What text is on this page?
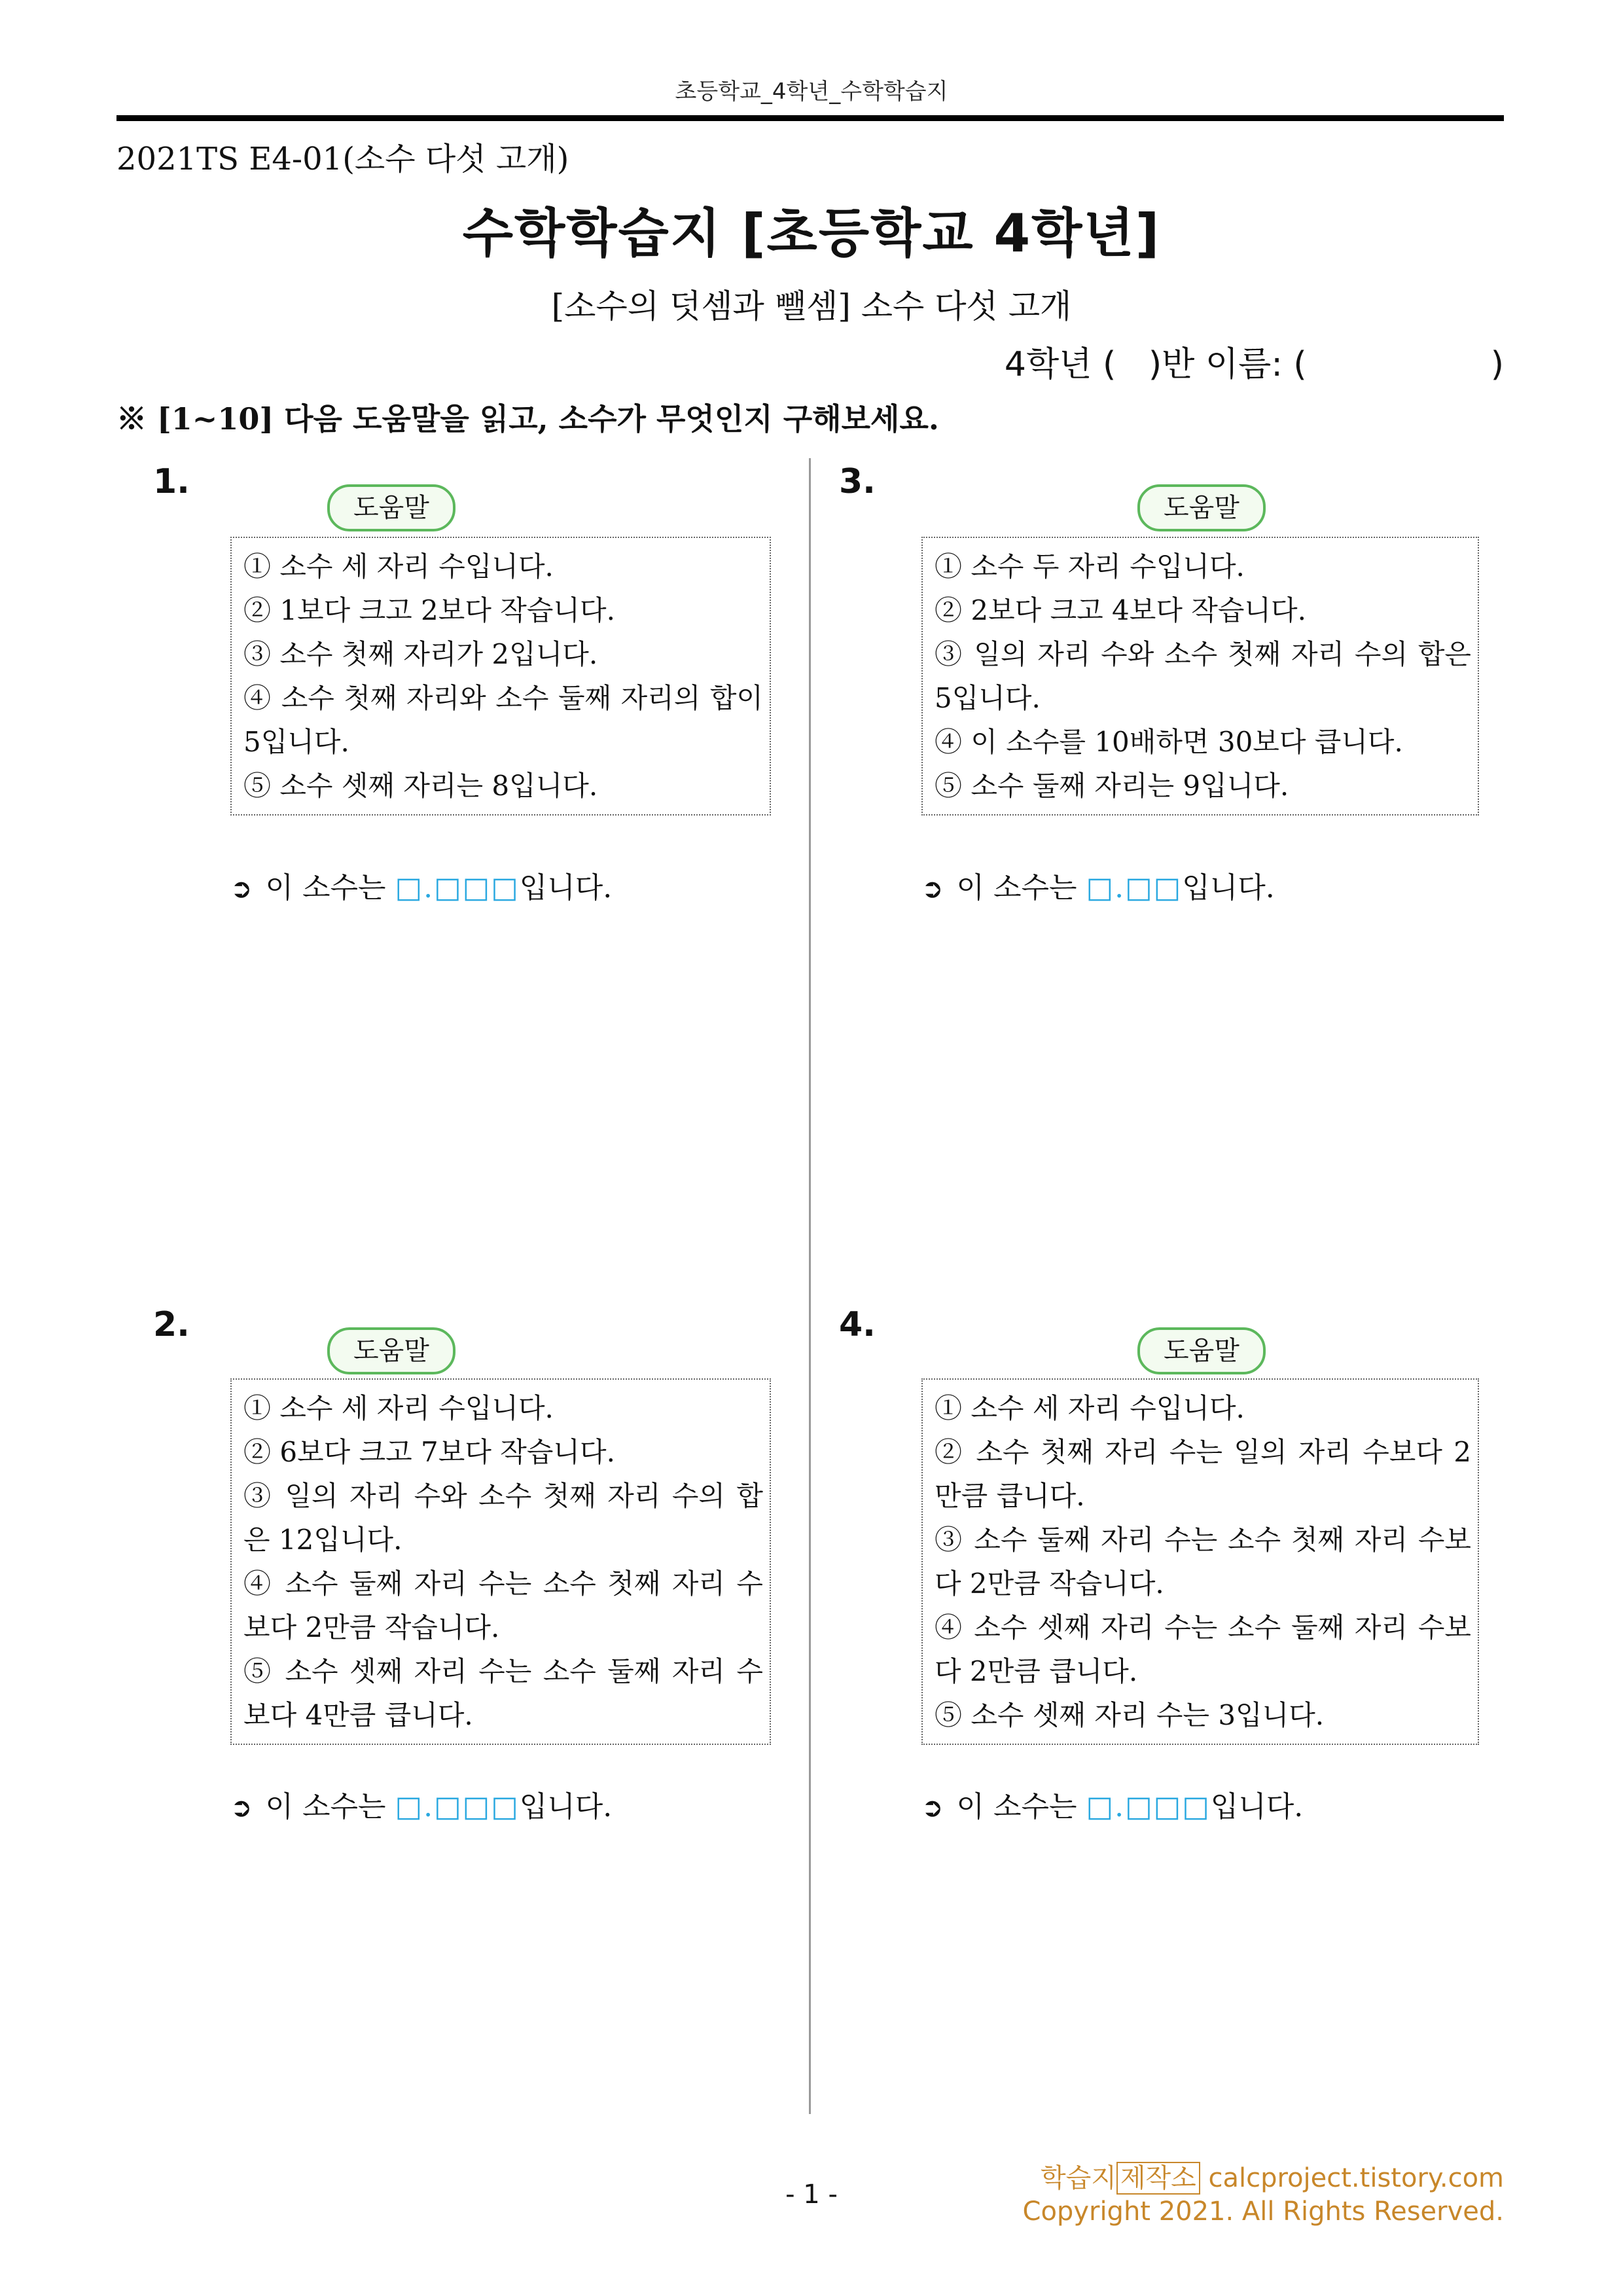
초등학교_4학년_수학학습지
2021TS E4-01(소수 다섯 고개)
수학학습지 [초등학교 4학년]
[소수의 덧셈과 뺄셈] 소수 다섯 고개
4학년 (   )반 이름: (                 )
※ [1~10] 다음 도움말을 읽고, 소수가 무엇인지 구해보세요.
1.
도움말
① 소수 세 자리 수입니다.
② 1보다 크고 2보다 작습니다.
③ 소수 첫째 자리가 2입니다.
④ 소수 첫째 자리와 소수 둘째 자리의 합이 5입니다.
⑤ 소수 셋째 자리는 8입니다.
➲ 이 소수는 □.□□□입니다.
2.
도움말
① 소수 세 자리 수입니다.
② 6보다 크고 7보다 작습니다.
③ 일의 자리 수와 소수 첫째 자리 수의 합은 12입니다.
④ 소수 둘째 자리 수는 소수 첫째 자리 수보다 2만큼 작습니다.
⑤ 소수 셋째 자리 수는 소수 둘째 자리 수보다 4만큼 큽니다.
➲ 이 소수는 □.□□□입니다.
3.
도움말
① 소수 두 자리 수입니다.
② 2보다 크고 4보다 작습니다.
③ 일의 자리 수와 소수 첫째 자리 수의 합은 5입니다.
④ 이 소수를 10배하면 30보다 큽니다.
⑤ 소수 둘째 자리는 9입니다.
➲ 이 소수는 □.□□입니다.
4.
도움말
① 소수 세 자리 수입니다.
② 소수 첫째 자리 수는 일의 자리 수보다 2만큼 큽니다.
③ 소수 둘째 자리 수는 소수 첫째 자리 수보다 2만큼 작습니다.
④ 소수 셋째 자리 수는 소수 둘째 자리 수보다 2만큼 큽니다.
⑤ 소수 셋째 자리 수는 3입니다.
➲ 이 소수는 □.□□□입니다.
- 1 -
학습지 제작소 calcproject.tistory.com
Copyright 2021. All Rights Reserved.
